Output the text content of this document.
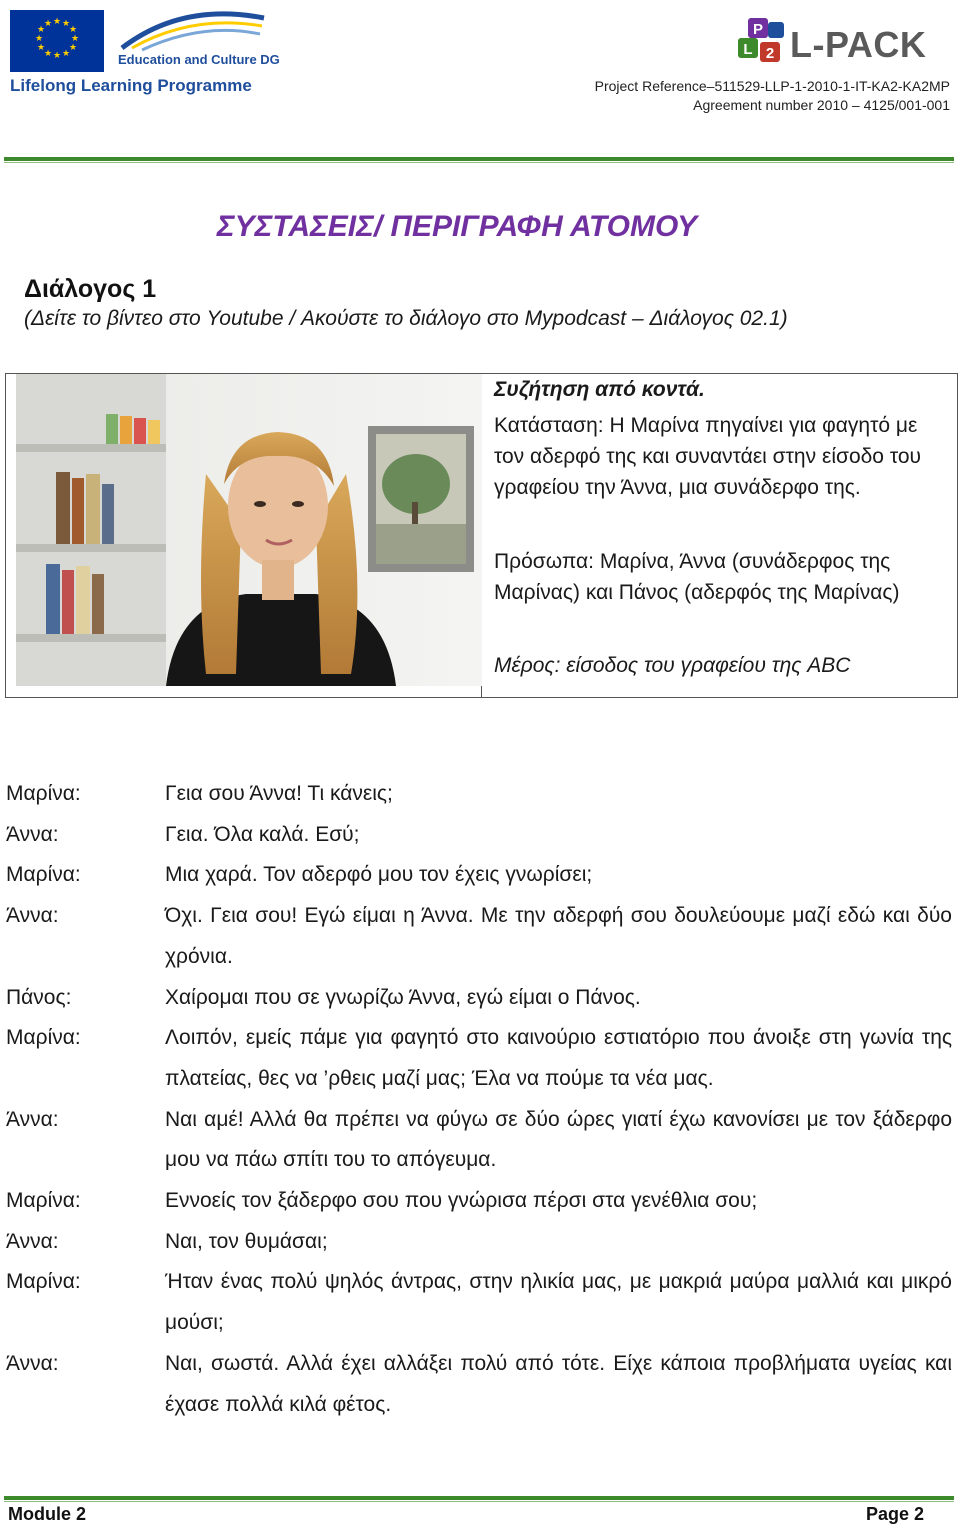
★ ★
★
★
★
★
★
★
★
★
★
★
Education and Culture DG
Lifelong Learning Programme
P
L 2 L-PACK
Project Reference–511529-LLP-1-2010-1-IT-KA2-KA2MP
Agreement number 2010 – 4125/001-001
ΣΥΣΤΑΣΕΙΣ/ ΠΕΡΙΓΡΑΦΗ ΑΤΟΜΟΥ
Διάλογος 1
(Δείτε το βίντεο στο Youtube / Ακούστε το διάλογο στο Mypodcast – Διάλογος 02.1)
Συζήτηση από κοντά.
Κατάσταση: Η Μαρίνα πηγαίνει για φαγητό με τον αδερφό της και συναντάει στην είσοδο του γραφείου την Άννα, μια συνάδερφο της.
Πρόσωπα: Μαρίνα, Άννα (συνάδερφος της Μαρίνας) και Πάνος (αδερφός της Μαρίνας)
Μέρος: είσοδος του γραφείου της ABC
Μαρίνα:	Γεια σου Άννα! Τι κάνεις;
Άννα:	Γεια. Όλα καλά. Εσύ;
Μαρίνα:	Μια χαρά. Τον αδερφό μου τον έχεις γνωρίσει;
Άννα:	Όχι. Γεια σου! Εγώ είμαι η Άννα. Με την αδερφή σου δουλεύουμε μαζί εδώ και δύο χρόνια.
Πάνος:	Χαίρομαι που σε γνωρίζω Άννα, εγώ είμαι ο Πάνος.
Μαρίνα:	Λοιπόν, εμείς πάμε για φαγητό στο καινούριο εστιατόριο που άνοιξε στη γωνία της πλατείας, θες να ’ρθεις μαζί μας; Έλα να πούμε τα νέα μας.
Άννα:	Ναι αμέ! Αλλά θα πρέπει να φύγω σε δύο ώρες γιατί έχω κανονίσει με τον ξάδερφο μου να πάω σπίτι του το απόγευμα.
Μαρίνα:	Εννοείς τον ξάδερφο σου που γνώρισα πέρσι στα γενέθλια σου;
Άννα:	Ναι, τον θυμάσαι;
Μαρίνα:	Ήταν ένας πολύ ψηλός άντρας, στην ηλικία μας, με μακριά μαύρα μαλλιά και μικρό μούσι;
Άννα:	Ναι, σωστά. Αλλά έχει αλλάξει πολύ από τότε. Είχε κάποια προβλήματα υγείας και έχασε πολλά κιλά φέτος.
Module 2	Page 2
